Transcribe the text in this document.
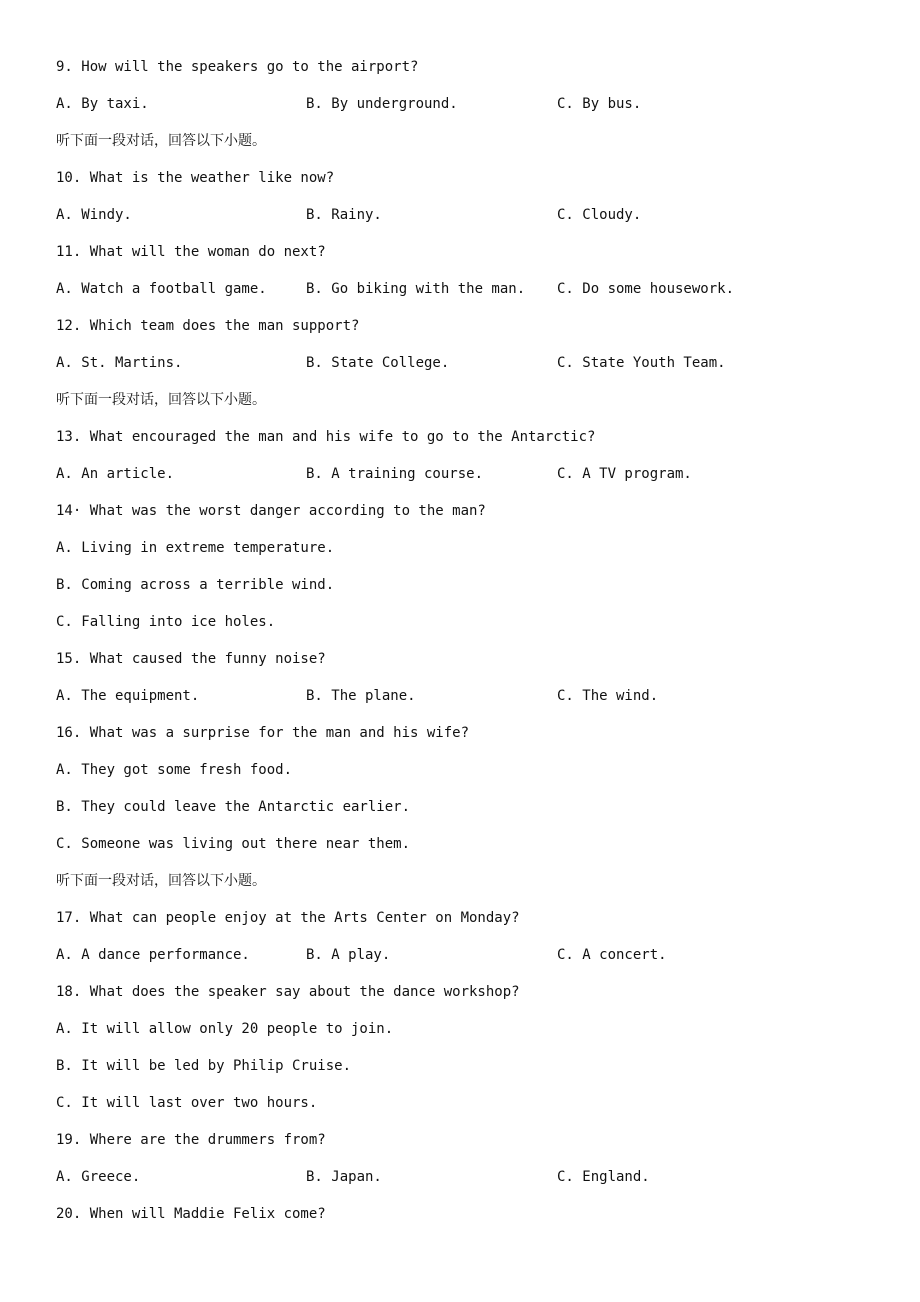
9. How will the speakers go to the airport?
A. By taxi.	B. By underground.	C. By bus.
听下面一段对话，回答以下小题。
10. What is the weather like now?
A. Windy.	B. Rainy.	C. Cloudy.
11. What will the woman do next?
A. Watch a football game.	B. Go biking with the man. C. Do some housework.
12. Which team does the man support?
A. St. Martins.	B. State College.	C. State Youth Team.
听下面一段对话，回答以下小题。
13. What encouraged the man and his wife to go to the Antarctic?
A. An article.	B. A training course.	C. A TV program.
14· What was the worst danger according to the man?
A. Living in extreme temperature.
B. Coming across a terrible wind.
C. Falling into ice holes.
15. What caused the funny noise?
A. The equipment.	B. The plane.	C. The wind.
16. What was a surprise for the man and his wife?
A. They got some fresh food.
B. They could leave the Antarctic earlier.
C. Someone was living out there near them.
听下面一段对话，回答以下小题。
17. What can people enjoy at the Arts Center on Monday?
A. A dance performance.	B. A play.	C. A concert.
18. What does the speaker say about the dance workshop?
A. It will allow only 20 people to join.
B. It will be led by Philip Cruise.
C. It will last over two hours.
19. Where are the drummers from?
A. Greece.	B. Japan.	C. England.
20. When will Maddie Felix come?
